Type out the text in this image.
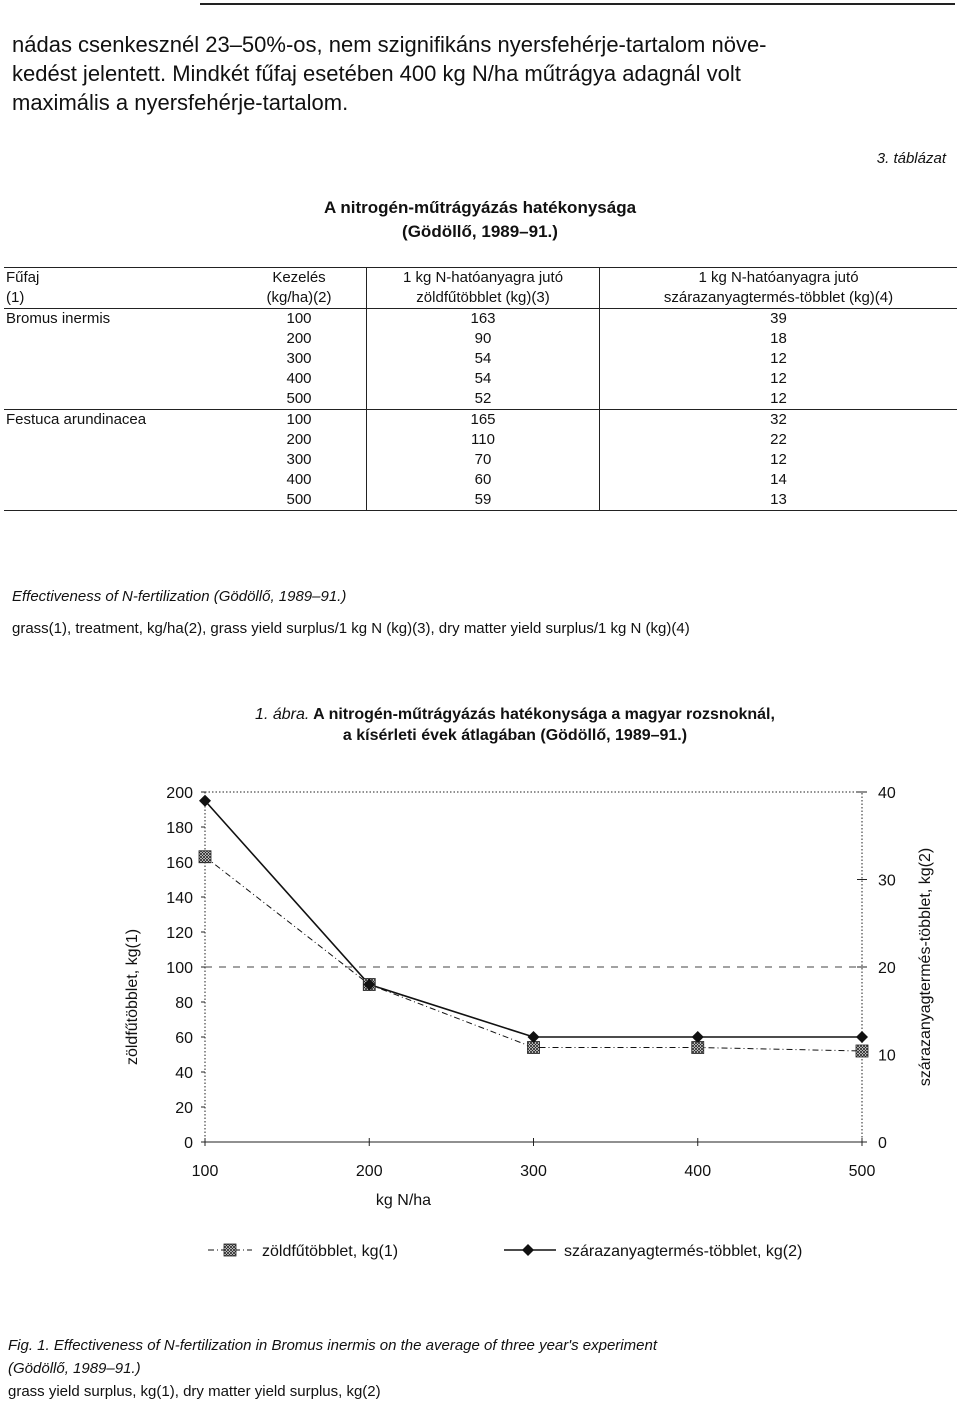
nádas csenkesznél 23–50%-os, nem szignifikáns nyersfehérje-tartalom növe-
kedést jelentett. Mindkét fűfaj esetében 400 kg N/ha műtrágya adagnál volt
maximális a nyersfehérje-tartalom.
3. táblázat
A nitrogén-műtrágyázás hatékonysága
(Gödöllő, 1989–91.)
Fűfaj	Kezelés	1 kg N-hatóanyagra jutó	1 kg N-hatóanyagra jutó
(1)	(kg/ha)(2)	zöldfűtöbblet (kg)(3)	szárazanyagtermés-többlet (kg)(4)
Bromus inermis	100	163	39
	200	90	18
	300	54	12
	400	54	12
	500	52	12
Festuca arundinacea	100	165	32
	200	110	22
	300	70	12
	400	60	14
	500	59	13
Effectiveness of N-fertilization (Gödöllő, 1989–91.)
grass(1), treatment, kg/ha(2), grass yield surplus/1 kg N (kg)(3), dry matter yield surplus/1 kg N (kg)(4)
1. ábra. A nitrogén-műtrágyázás hatékonysága a magyar rozsnoknál,
a kísérleti évek átlagában (Gödöllő, 1989–91.)
0
20
40
60
80
100
120
140
160
180
200
0
10
20
30
40
100	200	300	400	500
kg N/ha
zöldfűtöbblet, kg(1)	szárazanyagtermés-többlet, kg(2)
zöldfűtöbblet, kg(1)	szárazanyagtermés-többlet, kg(2)
Fig. 1. Effectiveness of N-fertilization in Bromus inermis on the average of three year's experiment
(Gödöllő, 1989–91.)
grass yield surplus, kg(1), dry matter yield surplus, kg(2)
